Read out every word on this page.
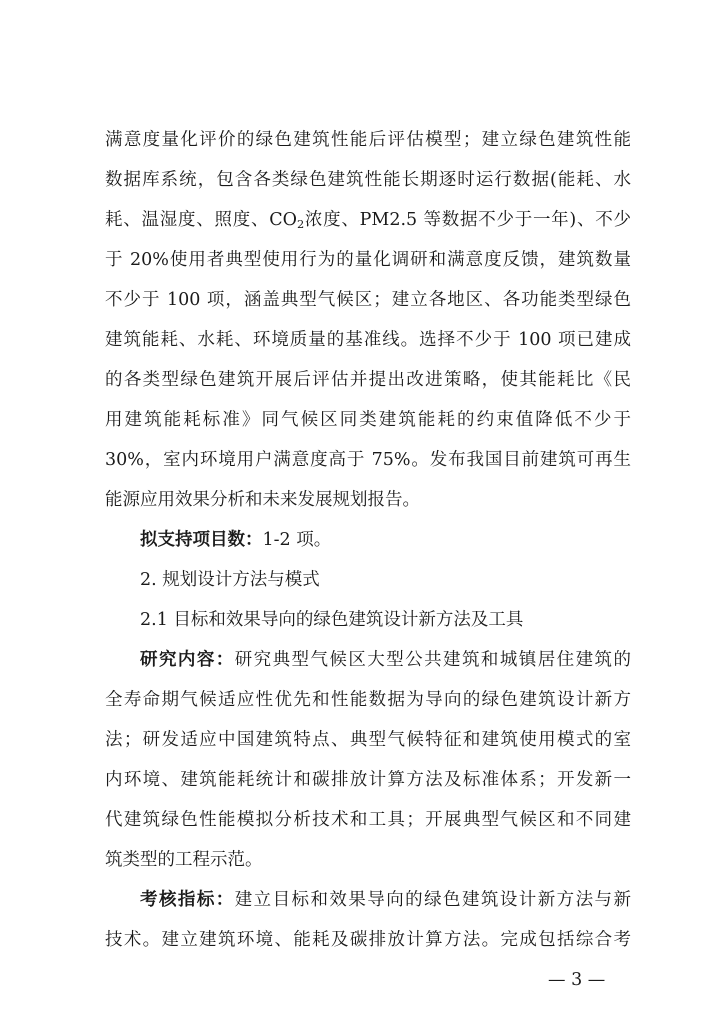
满意度量化评价的绿色建筑性能后评估模型；建立绿色建筑性能
数据库系统，包含各类绿色建筑性能长期逐时运行数据(能耗、水
耗、温湿度、照度、$CO_2$浓度、PM2.5 等数据不少于一年)、不少
于 20%使用者典型使用行为的量化调研和满意度反馈，建筑数量
不少于 100 项，涵盖典型气候区；建立各地区、各功能类型绿色
建筑能耗、水耗、环境质量的基准线。选择不少于 100 项已建成
的各类型绿色建筑开展后评估并提出改进策略，使其能耗比《民
用建筑能耗标准》同气候区同类建筑能耗的约束值降低不少于
30%，室内环境用户满意度高于 75%。发布我国目前建筑可再生
能源应用效果分析和未来发展规划报告。
拟支持项目数：1-2 项。
2. 规划设计方法与模式
2.1 目标和效果导向的绿色建筑设计新方法及工具
研究内容：研究典型气候区大型公共建筑和城镇居住建筑的
全寿命期气候适应性优先和性能数据为导向的绿色建筑设计新方
法；研发适应中国建筑特点、典型气候特征和建筑使用模式的室
内环境、建筑能耗统计和碳排放计算方法及标准体系；开发新一
代建筑绿色性能模拟分析技术和工具；开展典型气候区和不同建
筑类型的工程示范。
考核指标：建立目标和效果导向的绿色建筑设计新方法与新
技术。建立建筑环境、能耗及碳排放计算方法。完成包括综合考
— 3 —
